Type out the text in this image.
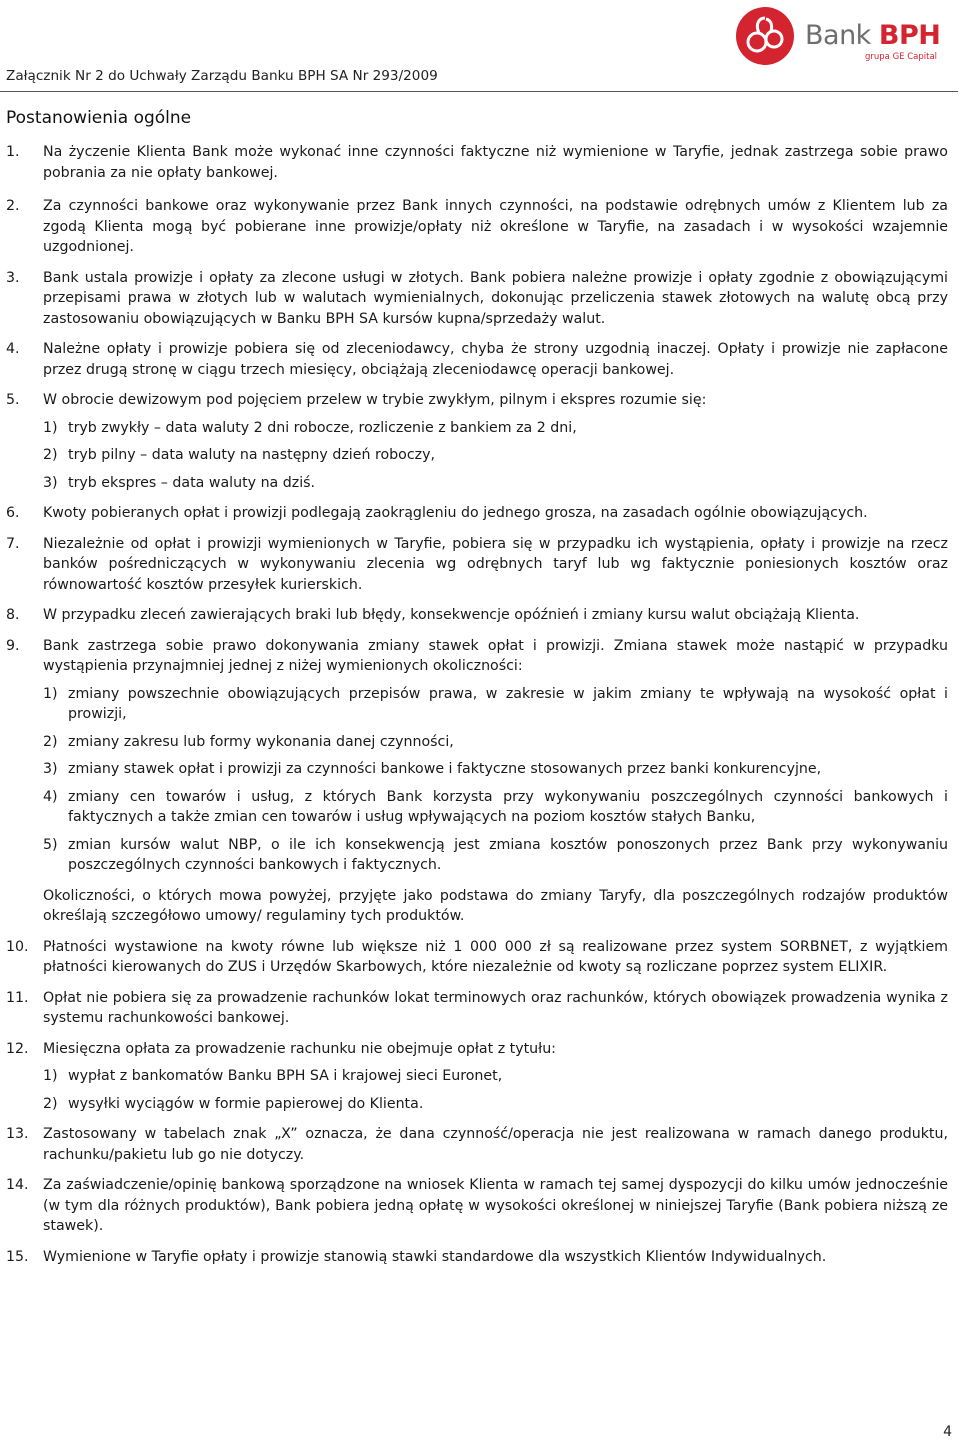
Załącznik Nr 2 do Uchwały Zarządu Banku BPH SA Nr 293/2009
Bank BPH
grupa GE Capital
Postanowienia ogólne
1. Na życzenie Klienta Bank może wykonać inne czynności faktyczne niż wymienione w Taryfie, jednak zastrzega sobie prawo pobrania za nie opłaty bankowej.
2. Za czynności bankowe oraz wykonywanie przez Bank innych czynności, na podstawie odrębnych umów z Klientem lub za zgodą Klienta mogą być pobierane inne prowizje/opłaty niż określone w Taryfie, na zasadach i w wysokości wzajemnie uzgodnionej.
3. Bank ustala prowizje i opłaty za zlecone usługi w złotych. Bank pobiera należne prowizje i opłaty zgodnie z obowiązującymi przepisami prawa w złotych lub w walutach wymienialnych, dokonując przeliczenia stawek złotowych na walutę obcą przy zastosowaniu obowiązujących w Banku BPH SA kursów kupna/sprzedaży walut.
4. Należne opłaty i prowizje pobiera się od zleceniodawcy, chyba że strony uzgodnią inaczej. Opłaty i prowizje nie zapłacone przez drugą stronę w ciągu trzech miesięcy, obciążają zleceniodawcę operacji bankowej.
5. W obrocie dewizowym pod pojęciem przelew w trybie zwykłym, pilnym i ekspres rozumie się:
1) tryb zwykły – data waluty 2 dni robocze, rozliczenie z bankiem za 2 dni,
2) tryb pilny – data waluty na następny dzień roboczy,
3) tryb ekspres – data waluty na dziś.
6. Kwoty pobieranych opłat i prowizji podlegają zaokrągleniu do jednego grosza, na zasadach ogólnie obowiązujących.
7. Niezależnie od opłat i prowizji wymienionych w Taryfie, pobiera się w przypadku ich wystąpienia, opłaty i prowizje na rzecz banków pośredniczących w wykonywaniu zlecenia wg odrębnych taryf lub wg faktycznie poniesionych kosztów oraz równowartość kosztów przesyłek kurierskich.
8. W przypadku zleceń zawierających braki lub błędy, konsekwencje opóźnień i zmiany kursu walut obciążają Klienta.
9. Bank zastrzega sobie prawo dokonywania zmiany stawek opłat i prowizji. Zmiana stawek może nastąpić w przypadku wystąpienia przynajmniej jednej z niżej wymienionych okoliczności:
1) zmiany powszechnie obowiązujących przepisów prawa, w zakresie w jakim zmiany te wpływają na wysokość opłat i prowizji,
2) zmiany zakresu lub formy wykonania danej czynności,
3) zmiany stawek opłat i prowizji za czynności bankowe i faktyczne stosowanych przez banki konkurencyjne,
4) zmiany cen towarów i usług, z których Bank korzysta przy wykonywaniu poszczególnych czynności bankowych i faktycznych a także zmian cen towarów i usług wpływających na poziom kosztów stałych Banku,
5) zmian kursów walut NBP, o ile ich konsekwencją jest zmiana kosztów ponoszonych przez Bank przy wykonywaniu poszczególnych czynności bankowych i faktycznych.
Okoliczności, o których mowa powyżej, przyjęte jako podstawa do zmiany Taryfy, dla poszczególnych rodzajów produktów określają szczegółowo umowy/ regulaminy tych produktów.
10. Płatności wystawione na kwoty równe lub większe niż 1 000 000 zł są realizowane przez system SORBNET, z wyjątkiem płatności kierowanych do ZUS i Urzędów Skarbowych, które niezależnie od kwoty są rozliczane poprzez system ELIXIR.
11. Opłat nie pobiera się za prowadzenie rachunków lokat terminowych oraz rachunków, których obowiązek prowadzenia wynika z systemu rachunkowości bankowej.
12. Miesięczna opłata za prowadzenie rachunku nie obejmuje opłat z tytułu:
1) wypłat z bankomatów Banku BPH SA i krajowej sieci Euronet,
2) wysyłki wyciągów w formie papierowej do Klienta.
13. Zastosowany w tabelach znak „X” oznacza, że dana czynność/operacja nie jest realizowana w ramach danego produktu, rachunku/pakietu lub go nie dotyczy.
14. Za zaświadczenie/opinię bankową sporządzone na wniosek Klienta w ramach tej samej dyspozycji do kilku umów jednocześnie (w tym dla różnych produktów), Bank pobiera jedną opłatę w wysokości określonej w niniejszej Taryfie (Bank pobiera niższą ze stawek).
15. Wymienione w Taryfie opłaty i prowizje stanowią stawki standardowe dla wszystkich Klientów Indywidualnych.
4
